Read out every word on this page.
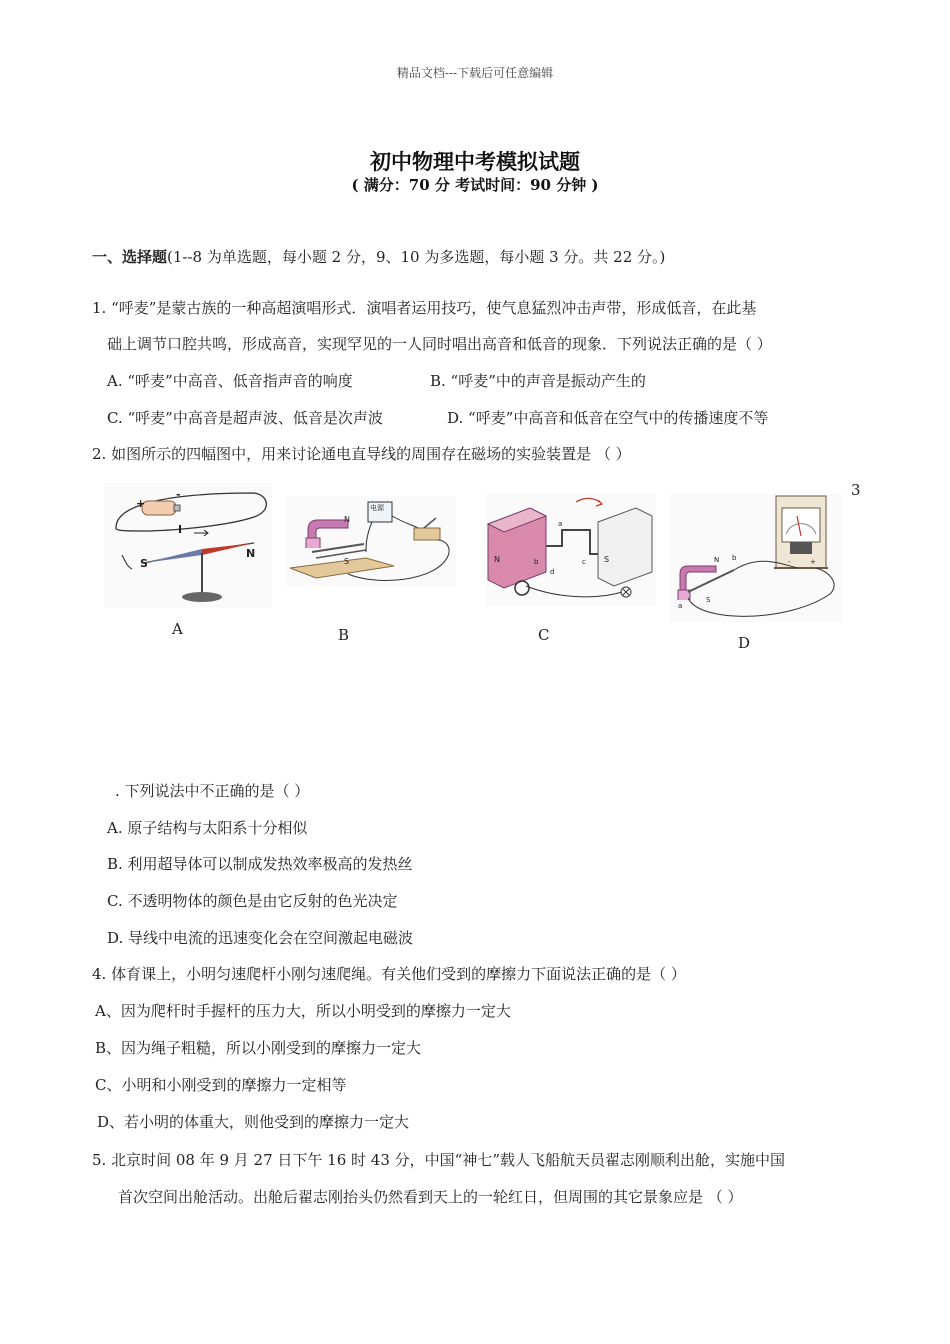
精品文档---下载后可任意编辑
初中物理中考模拟试题
( 满分：70 分 考试时间：90 分钟 )
一、选择题(1--8 为单选题，每小题 2 分，9、10 为多选题，每小题 3 分。共 22 分。)
1. “呼麦”是蒙古族的一种高超演唱形式．演唱者运用技巧，使气息猛烈冲击声带，形成低音，在此基
础上调节口腔共鸣，形成高音，实现罕见的一人同时唱出高音和低音的现象．下列说法正确的是（ ）
A. “呼麦”中高音、低音指声音的响度	B. “呼麦”中的声音是振动产生的
C. “呼麦”中高音是超声波、低音是次声波	D. “呼麦”中高音和低音在空气中的传播速度不等
2. 如图所示的四幅图中，用来讨论通电直导线的周围存在磁场的实验装置是 （ ）
+
-
I
S
N
A
N
S
电源
B
N	S
a
b	c
d
C
-	+
N b
a
S
D
3
. 下列说法中不正确的是（ ）
A. 原子结构与太阳系十分相似
B. 利用超导体可以制成发热效率极高的发热丝
C. 不透明物体的颜色是由它反射的色光决定
D. 导线中电流的迅速变化会在空间激起电磁波
4. 体育课上，小明匀速爬杆小刚匀速爬绳。有关他们受到的摩擦力下面说法正确的是（ ）
A、因为爬杆时手握杆的压力大，所以小明受到的摩擦力一定大
B、因为绳子粗糙，所以小刚受到的摩擦力一定大
C、小明和小刚受到的摩擦力一定相等
D、若小明的体重大，则他受到的摩擦力一定大
5. 北京时间 08 年 9 月 27 日下午 16 时 43 分，中国“神七”载人飞船航天员翟志刚顺利出舱，实施中国
首次空间出舱活动。出舱后翟志刚抬头仍然看到天上的一轮红日，但周围的其它景象应是 （ ）
